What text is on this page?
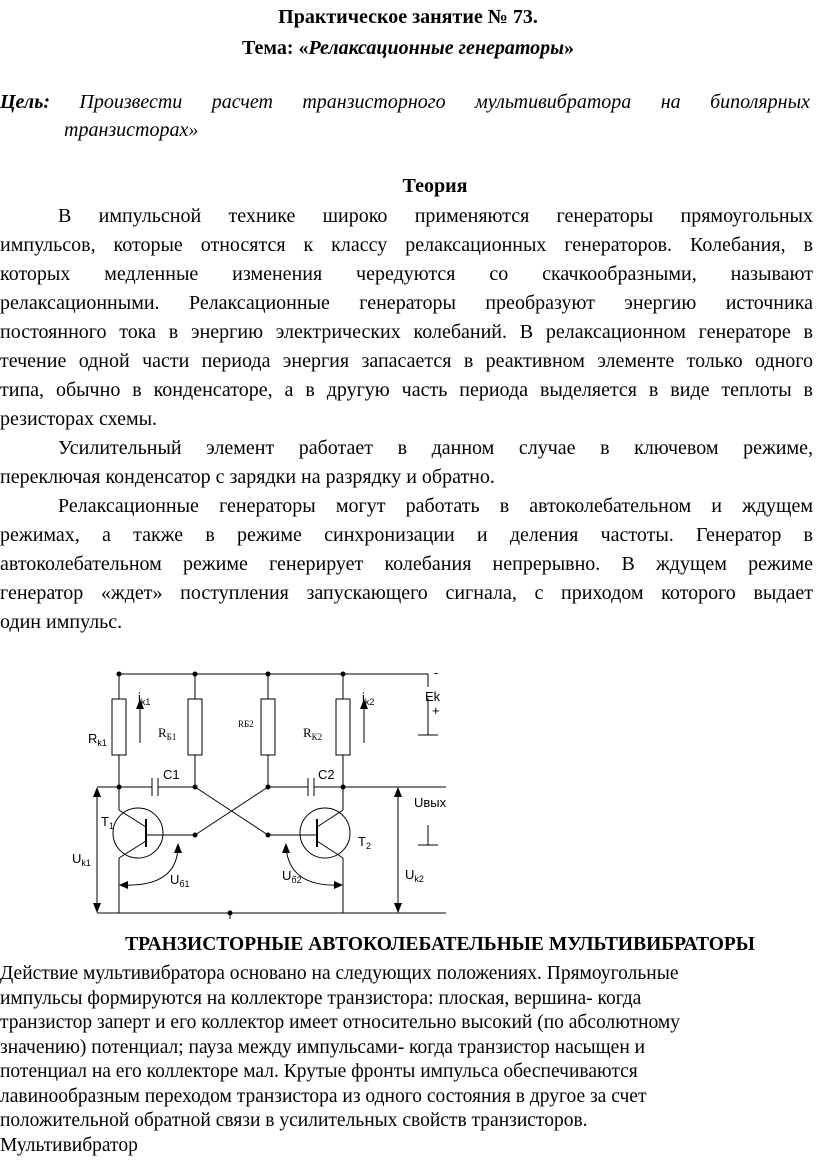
Практическое занятие № 73.
Тема: «Релаксационные генераторы»
Цель: Произвести расчет транзисторного мультивибратора на биполярных
транзисторах»
Теория
В импульсной технике широко применяются генераторы прямоугольных
импульсов, которые относятся к классу релаксационных генераторов. Колебания, в
которых медленные изменения чередуются со скачкообразными, называют
релаксационными. Релаксационные генераторы преобразуют энергию источника
постоянного тока в энергию электрических колебаний. В релаксационном генераторе в
течение одной части периода энергия запасается в реактивном элементе только одного
типа, обычно в конденсаторе, а в другую часть периода выделяется в виде теплоты в
резисторах схемы.
Усилительный элемент работает в данном случае в ключевом режиме,
переключая конденсатор с зарядки на разрядку и обратно.
Релаксационные генераторы могут работать в автоколебательном и ждущем
режимах, а также в режиме синхронизации и деления частоты. Генератор в
автоколебательном режиме генерирует колебания непрерывно. В ждущем режиме
генератор «ждет» поступления запускающего сигнала, с приходом которого выдает
один импульс.
-
Ek
+
$i_{k1}$	$i_{k2}$
$R_{k1}$
$R_{Б1}$
RБ2
$R_{К2}$
C1	C2
Uвых
$T_1$
$T_2$
$U_{k1}$
$U_{б1}$
$U_{б2}$	$U_{k2}$
ТРАНЗИСТОРНЫЕ АВТОКОЛЕБАТЕЛЬНЫЕ МУЛЬТИВИБРАТОРЫ
Действие мультивибратора основано на следующих положениях. Прямоугольные
импульсы формируются на коллекторе транзистора: плоская, вершина- когда
транзистор заперт и его коллектор имеет относительно высокий (по абсолютному
значению) потенциал; пауза между импульсами- когда транзистор насыщен и
потенциал на его коллекторе мал. Крутые фронты импульса обеспечиваются
лавинообразным переходом транзистора из одного состояния в другое за счет
положительной обратной связи в усилительных свойств транзисторов.
Мультивибратор
